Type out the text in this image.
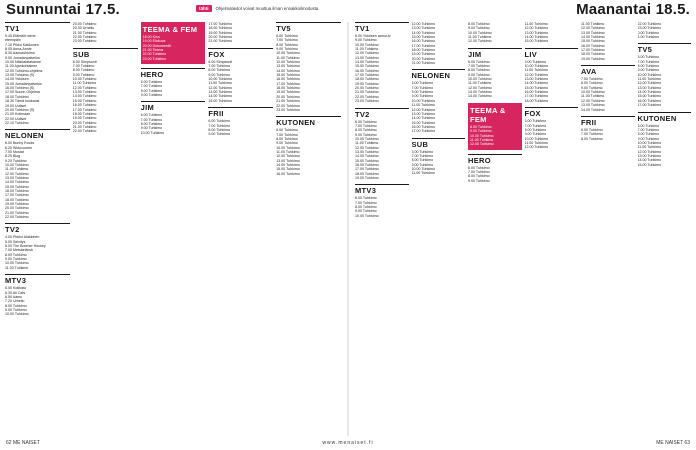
Sunnuntai 17.5.	tähti	Ohjelmatiedot voivat muuttua ilman ennakkoilmoitusta.	Maanantai 18.5.
TV1
5.45 Eläinäiti mene
eteenpäin
7.10 Pikku Kakkonen
8.05 Anna-Annie
8.30 Aamutuhkimo
9.00 Jumalanpalvelus
10.00 Näköalatasanne
11.00 Ajankohtainen
12.00 Tuhkimo-ohjelma
13.00 Tuhkimo (S)
14.00 Ykkösen
15.00 Jumalanpalvelus
16.00 Tuhkimo (S)
17.00 Suurin Ohjelma
18.00 Tuhkimo
18.30 Tämä kuukausi
19.00 Uutiset
20.00 Tuhkimo (S)
21.00 Kotimaan
22.00 Uutiset
22.10 Tuhkimo
NELONEN
6.00 Bunny Rocks
6.20 Wuluvuoren
7.00 Mustat
8.25 Blog
9.25 Tuhkimo
10.00 Tuhkimo
11.00 Tuhkimo
12.00 Tuhkimo
13.00 Tuhkimo
14.00 Tuhkimo
15.00 Tuhkimo
16.00 Tuhkimo
17.00 Tuhkimo
18.00 Tuhkimo
19.00 Tuhkimo
20.00 Tuhkimo
21.00 Tuhkimo
22.00 Tuhkimo
TV2
4.00 Pirkko Alakkinen
5.00 Selvitys
6.00 The Boomer Hockey
7.00 Metsäelämä
8.00 Tuhkimo
9.00 Tuhkimo
10.00 Tuhkimo
11.00 Tuhkimo
MTV3
6.00 Kotikatu
6.30 All Cats
6.50 Aamu
7.20 Urheilu
8.00 Tuhkimo
9.00 Tuhkimo
10.00 Tuhkimo
20.00 Tuhkimo
20.30 Urheilu
21.00 Tuhkimo
22.00 Tuhkimo
23.00 Tuhkimo
SUB
6.00 Simpsonit
7.00 Tuhkimo
8.00 Tuhkimo
9.00 Tuhkimo
10.00 Tuhkimo
11.00 Tuhkimo
12.00 Tuhkimo
13.00 Tuhkimo
14.00 Tuhkimo
15.00 Tuhkimo
16.00 Tuhkimo
17.00 Tuhkimo
18.00 Tuhkimo
19.00 Tuhkimo
20.00 Tuhkimo
21.00 Tuhkimo
22.00 Tuhkimo
TEEMA & FEM
18.00 Kino
19.00 Elokuva
20.00 Dokumentti
21.00 Teema
22.00 Tuhkimo
23.00 Tuhkimo
HERO
6.00 Tuhkimo
7.00 Tuhkimo
8.00 Tuhkimo
9.00 Tuhkimo
JIM
6.00 Tuhkimo
7.00 Tuhkimo
8.00 Tuhkimo
9.00 Tuhkimo
10.00 Tuhkimo
17.00 Tuhkimo
18.00 Tuhkimo
19.00 Tuhkimo
20.00 Tuhkimo
21.00 Tuhkimo
FOX
6.00 Simpsonit
7.00 Tuhkimo
8.00 Tuhkimo
9.00 Tuhkimo
10.00 Tuhkimo
11.00 Tuhkimo
12.00 Tuhkimo
13.00 Tuhkimo
14.00 Tuhkimo
15.00 Tuhkimo
FRII
6.00 Tuhkimo
7.00 Tuhkimo
8.00 Tuhkimo
9.00 Tuhkimo
TV5
6.00 Tuhkimo
7.00 Tuhkimo
8.00 Tuhkimo
9.00 Tuhkimo
10.00 Tuhkimo
11.00 Tuhkimo
12.00 Tuhkimo
13.00 Tuhkimo
14.00 Tuhkimo
15.00 Tuhkimo
16.00 Tuhkimo
17.00 Tuhkimo
18.00 Tuhkimo
19.00 Tuhkimo
20.00 Tuhkimo
21.00 Tuhkimo
22.00 Tuhkimo
23.00 Tuhkimo
KUTONEN
6.00 Tuhkimo
7.00 Tuhkimo
8.00 Tuhkimo
9.00 Tuhkimo
10.00 Tuhkimo
11.00 Tuhkimo
12.00 Tuhkimo
13.00 Tuhkimo
14.00 Tuhkimo
15.00 Tuhkimo
16.00 Tuhkimo
TV1
6.00 Ykkösen aamu-tv
9.00 Tuhkimo
10.00 Tuhkimo
11.00 Tuhkimo
12.00 Tuhkimo
13.00 Tuhkimo
14.00 Tuhkimo
15.00 Tuhkimo
16.00 Tuhkimo
17.00 Tuhkimo
18.00 Tuhkimo
19.00 Tuhkimo
20.00 Tuhkimo
21.00 Tuhkimo
22.00 Tuhkimo
23.00 Tuhkimo
TV2
6.00 Tuhkimo
7.00 Tuhkimo
8.00 Tuhkimo
9.00 Tuhkimo
10.00 Tuhkimo
11.00 Tuhkimo
12.00 Tuhkimo
13.00 Tuhkimo
14.00 Tuhkimo
15.00 Tuhkimo
16.00 Tuhkimo
17.00 Tuhkimo
18.00 Tuhkimo
19.00 Tuhkimo
MTV3
6.00 Tuhkimo
7.00 Tuhkimo
8.00 Tuhkimo
9.00 Tuhkimo
10.00 Tuhkimo
12.00 Tuhkimo
13.00 Tuhkimo
14.00 Tuhkimo
15.00 Tuhkimo
16.00 Tuhkimo
17.00 Tuhkimo
18.00 Tuhkimo
19.00 Tuhkimo
20.00 Tuhkimo
21.00 Tuhkimo
NELONEN
6.00 Tuhkimo
7.00 Tuhkimo
8.00 Tuhkimo
9.00 Tuhkimo
10.00 Tuhkimo
11.00 Tuhkimo
12.00 Tuhkimo
13.00 Tuhkimo
14.00 Tuhkimo
15.00 Tuhkimo
16.00 Tuhkimo
17.00 Tuhkimo
SUB
6.00 Tuhkimo
7.00 Tuhkimo
8.00 Tuhkimo
9.00 Tuhkimo
10.00 Tuhkimo
11.00 Tuhkimo
8.00 Tuhkimo
9.00 Tuhkimo
10.00 Tuhkimo
11.00 Tuhkimo
12.00 Tuhkimo
JIM
6.00 Tuhkimo
7.00 Tuhkimo
8.00 Tuhkimo
9.00 Tuhkimo
10.00 Tuhkimo
11.00 Tuhkimo
12.00 Tuhkimo
13.00 Tuhkimo
14.00 Tuhkimo
TEEMA & FEM
8.00 Tuhkimo
9.00 Tuhkimo
10.00 Tuhkimo
11.00 Tuhkimo
12.00 Tuhkimo
HERO
6.00 Tuhkimo
7.00 Tuhkimo
8.00 Tuhkimo
9.00 Tuhkimo
11.00 Tuhkimo
12.00 Tuhkimo
13.00 Tuhkimo
14.00 Tuhkimo
15.00 Tuhkimo
LIV
9.00 Tuhkimo
10.00 Tuhkimo
11.00 Tuhkimo
12.00 Tuhkimo
13.00 Tuhkimo
14.00 Tuhkimo
15.00 Tuhkimo
16.00 Tuhkimo
17.00 Tuhkimo
18.00 Tuhkimo
FOX
6.00 Tuhkimo
7.00 Tuhkimo
8.00 Tuhkimo
9.00 Tuhkimo
10.00 Tuhkimo
11.00 Tuhkimo
12.00 Tuhkimo
11.00 Tuhkimo
12.00 Tuhkimo
13.00 Tuhkimo
14.00 Tuhkimo
15.00 Tuhkimo
16.00 Tuhkimo
17.00 Tuhkimo
18.00 Tuhkimo
19.00 Tuhkimo
AVA
7.00 Tuhkimo
8.00 Tuhkimo
9.00 Tuhkimo
10.00 Tuhkimo
11.00 Tuhkimo
12.00 Tuhkimo
13.00 Tuhkimo
14.00 Tuhkimo
FRII
6.00 Tuhkimo
7.00 Tuhkimo
8.00 Tuhkimo
22.00 Tuhkimo
23.00 Tuhkimo
0.00 Tuhkimo
1.00 Tuhkimo
TV5
6.00 Tuhkimo
7.00 Tuhkimo
8.00 Tuhkimo
9.00 Tuhkimo
10.00 Tuhkimo
11.00 Tuhkimo
12.00 Tuhkimo
13.00 Tuhkimo
14.00 Tuhkimo
15.00 Tuhkimo
16.00 Tuhkimo
17.00 Tuhkimo
KUTONEN
6.00 Tuhkimo
7.00 Tuhkimo
8.00 Tuhkimo
9.00 Tuhkimo
10.00 Tuhkimo
11.00 Tuhkimo
12.00 Tuhkimo
13.00 Tuhkimo
14.00 Tuhkimo
15.00 Tuhkimo
62 ME NAISET	www.menaiset.fi	ME NAISET 63
